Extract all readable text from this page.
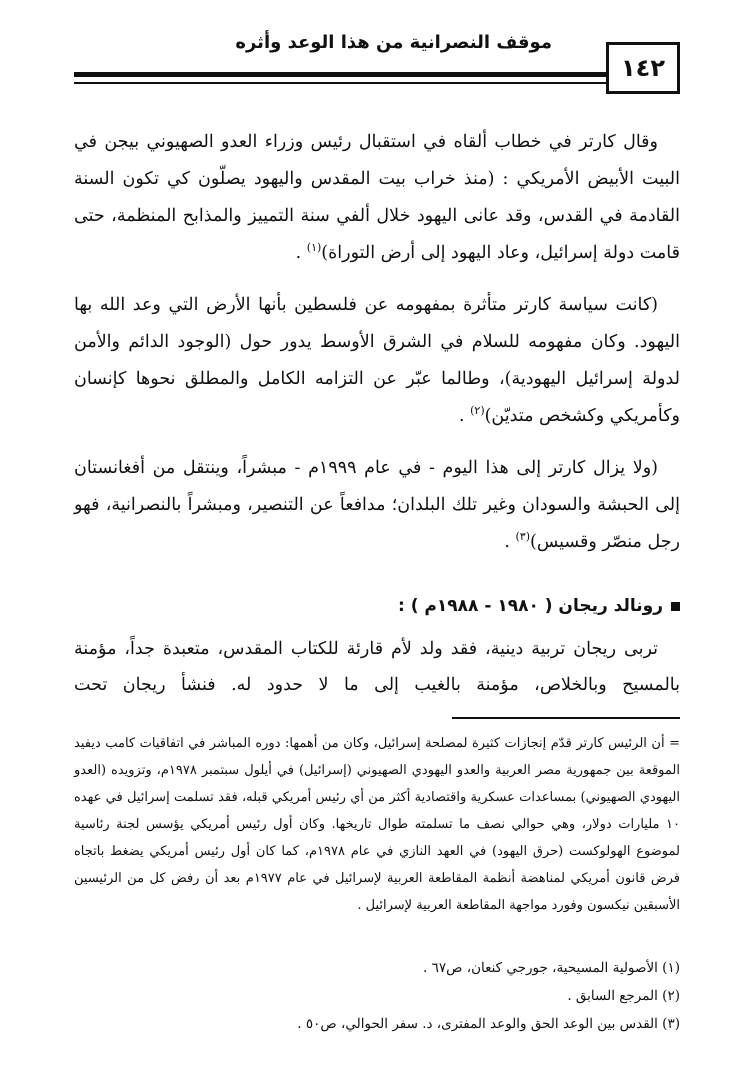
موقف النصرانية من هذا الوعد وأثره
١٤٢

وقال كارتر في خطاب ألقاه في استقبال رئيس وزراء العدو الصهيوني بيجن في البيت الأبيض الأمريكي : (منذ خراب بيت المقدس واليهود يصلّون كي تكون السنة القادمة في القدس، وقد عانى اليهود خلال ألفي سنة التمييز والمذابح المنظمة، حتى قامت دولة إسرائيل، وعاد اليهود إلى أرض التوراة)$^{(١)}$ .

(كانت سياسة كارتر متأثرة بمفهومه عن فلسطين بأنها الأرض التي وعد الله بها اليهود. وكان مفهومه للسلام في الشرق الأوسط يدور حول (الوجود الدائم والأمن لدولة إسرائيل اليهودية)، وطالما عبّر عن التزامه الكامل والمطلق نحوها كإنسان وكأمريكي وكشخص متديّن)$^{(٢)}$ .

(ولا يزال كارتر إلى هذا اليوم - في عام ١٩٩٩م - مبشراً، وينتقل من أفغانستان إلى الحبشة والسودان وغير تلك البلدان؛ مدافعاً عن التنصير، ومبشراً بالنصرانية، فهو رجل منصّر وقسيس)$^{(٣)}$ .

رونالد ريجان ( ١٩٨٠ - ١٩٨٨م ) :

تربى ريجان تربية دينية، فقد ولد لأم قارئة للكتاب المقدس، متعبدة جداً، مؤمنة بالمسيح وبالخلاص، مؤمنة بالغيب إلى ما لا حدود له. فنشأ ريجان تحت

= أن الرئيس كارتر قدّم إنجازات كثيرة لمصلحة إسرائيل، وكان من أهمها: دوره المباشر في اتفاقيات كامب ديفيد الموقعة بين جمهورية مصر العربية والعدو اليهودي الصهيوني (إسرائيل) في أيلول سبتمبر ١٩٧٨م، وتزويده (العدو اليهودي الصهيوني) بمساعدات عسكرية واقتصادية أكثر من أي رئيس أمريكي قبله، فقد تسلمت إسرائيل في عهده ١٠ مليارات دولار، وهي حوالي نصف ما تسلمته طوال تاريخها. وكان أول رئيس أمريكي يؤسس لجنة رئاسية لموضوع الهولوكست (حرق اليهود) في العهد النازي في عام ١٩٧٨م، كما كان أول رئيس أمريكي يضغط باتجاه فرض قانون أمريكي لمناهضة أنظمة المقاطعة العربية لإسرائيل في عام ١٩٧٧م بعد أن رفض كل من الرئيسين الأسبقين نيكسون وفورد مواجهة المقاطعة العربية لإسرائيل .

(١) الأصولية المسيحية، جورجي كنعان، ص٦٧ .
(٢) المرجع السابق .
(٣) القدس بين الوعد الحق والوعد المفترى، د. سفر الحوالي، ص٥٠ .
